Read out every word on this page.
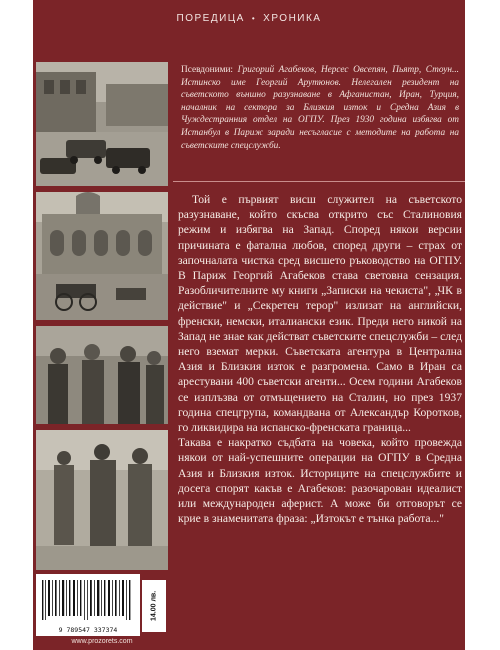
ПОРЕДИЦА • ХРОНИКА
Псевдоними: Григорий Агабеков, Нерсес Овсепян, Пьятр, Стоун... Истинско име Георгий Арутюнов. Нелегален резидент на съветското външно разузнаване в Афганистан, Иран, Турция, началник на сектора за Близкия изток и Средна Азия в Чуждестранния отдел на ОГПУ. През 1930 година избягва от Истанбул в Париж заради несъгласие с методите на работа на съветските спецслужби.

Той е първият висш служител на съветското разузнаване, който скъсва открито със Сталиновия режим и избягва на Запад. Според някои версии причината е фатална любов, според други – страх от започналата чистка сред висшето ръководство на ОГПУ. В Париж Георгий Агабеков става световна сензация. Разобличителните му книги „Записки на чекиста", „ЧК в действие" и „Секретен терор" излизат на английски, френски, немски, италиански език. Преди него никой на Запад не знае как действат съветските спецслужби – след него вземат мерки. Съветската агентура в Централна Азия и Близкия изток е разгромена. Само в Иран са арестувани 400 съветски агенти... Осем години Агабеков се изплъзва от отмъщението на Сталин, но през 1937 година спецгрупа, командвана от Александър Коротков, го ликвидира на испанско-френската граница...

Такава е накратко съдбата на човека, който провежда някои от най-успешните операции на ОГПУ в Средна Азия и Близкия изток. Историците на спецслужбите и досега спорят какъв е Агабеков: разочарован идеалист или международен аферист. А може би отговорът се крие в знаменитата фраза: „Изтокът е тънка работа..."

9 789547 337374
14.00 лв.
www.prozorets.com
